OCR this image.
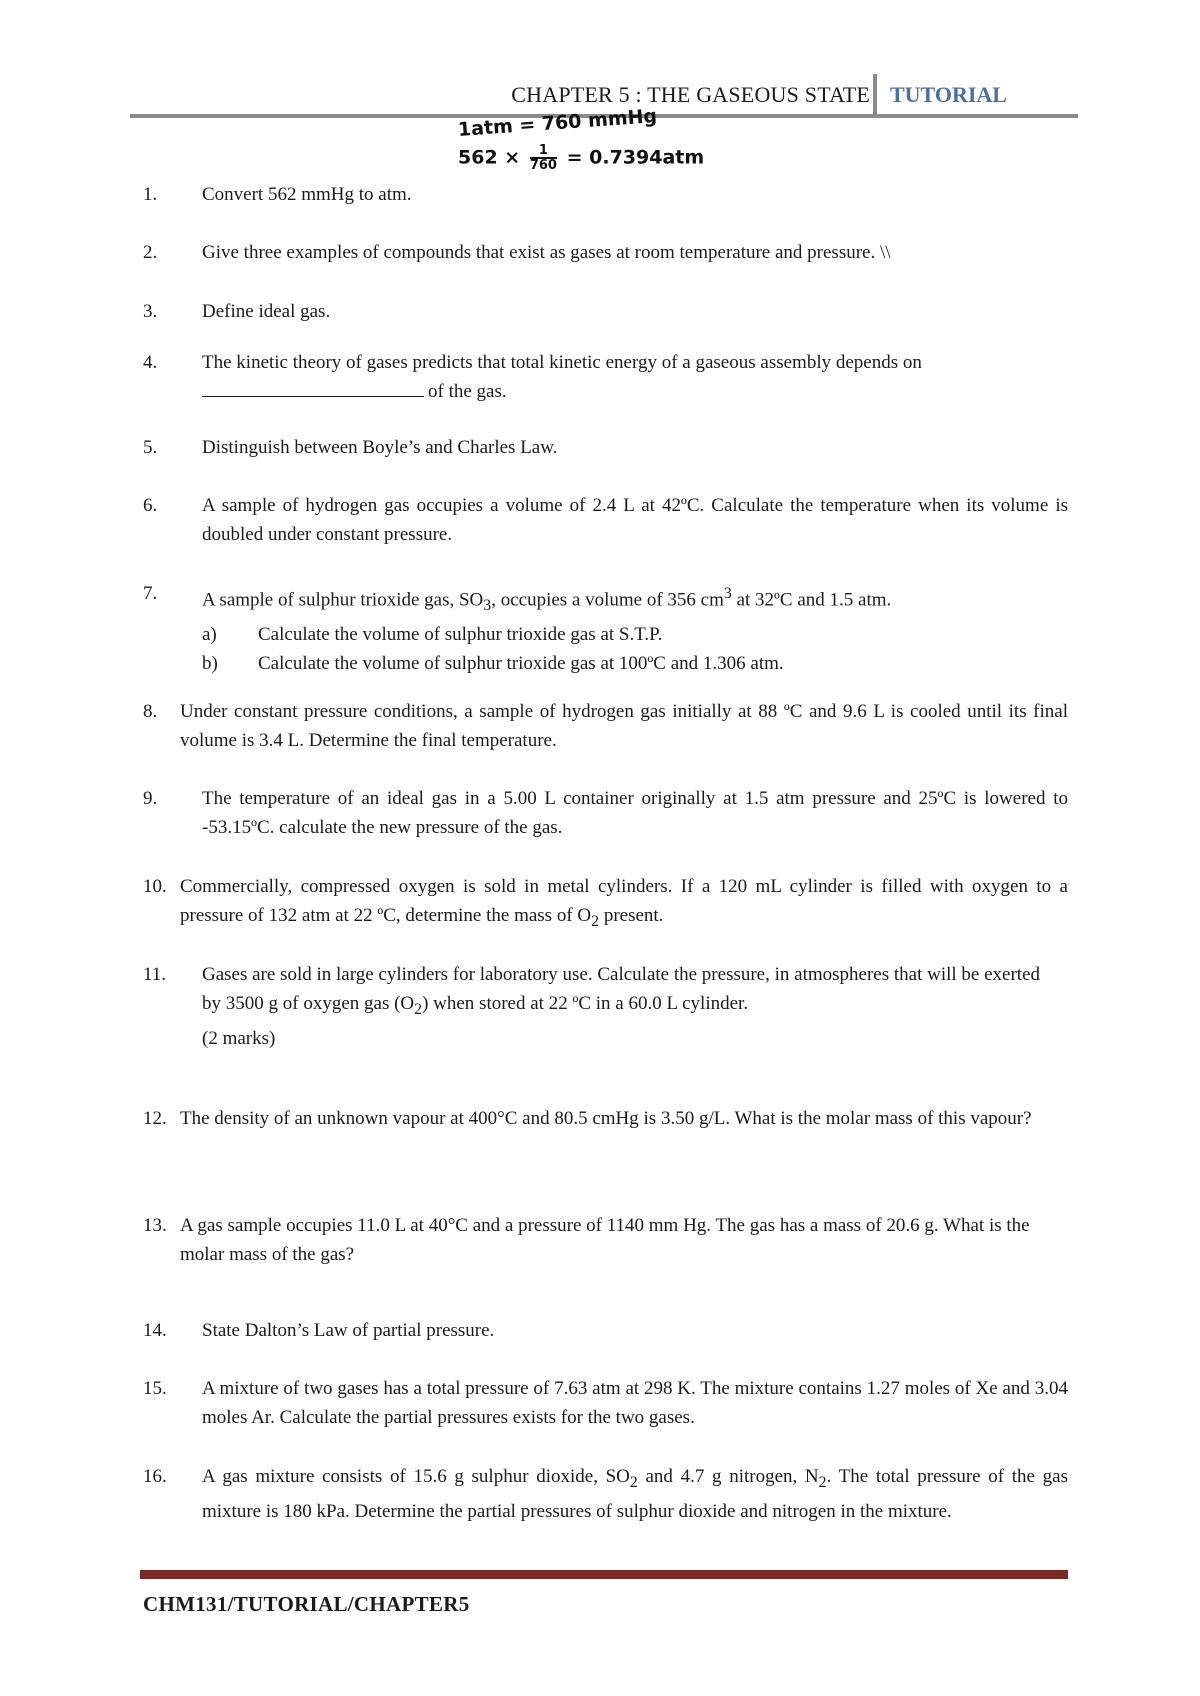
CHAPTER 5 : THE GASEOUS STATE TUTORIAL
1atm = 760 mmHg
$562 \times \frac{1}{760} = 0.7394atm$
1. Convert 562 mmHg to atm.
2. Give three examples of compounds that exist as gases at room temperature and pressure. \\
3. Define ideal gas.
4. The kinetic theory of gases predicts that total kinetic energy of a gaseous assembly depends on
of the gas.
5. Distinguish between Boyle’s and Charles Law.
6. A sample of hydrogen gas occupies a volume of 2.4 L at 42ºC. Calculate the temperature when its volume is doubled under constant pressure.
7. A sample of sulphur trioxide gas, $SO_3$, occupies a volume of 356 $cm^3$ at 32ºC and 1.5 atm.
a) Calculate the volume of sulphur trioxide gas at S.T.P.
b) Calculate the volume of sulphur trioxide gas at 100ºC and 1.306 atm.
8. Under constant pressure conditions, a sample of hydrogen gas initially at 88 ºC and 9.6 L is cooled until its final volume is 3.4 L. Determine the final temperature.
9. The temperature of an ideal gas in a 5.00 L container originally at 1.5 atm pressure and 25ºC is lowered to -53.15ºC. calculate the new pressure of the gas.
10. Commercially, compressed oxygen is sold in metal cylinders. If a 120 mL cylinder is filled with oxygen to a pressure of 132 atm at 22 ºC, determine the mass of $O_2$ present.
11. Gases are sold in large cylinders for laboratory use. Calculate the pressure, in atmospheres that will be exerted by 3500 g of oxygen gas $(O_2)$ when stored at 22 ºC in a 60.0 L cylinder.
(2 marks)
12. The density of an unknown vapour at 400°C and 80.5 cmHg is 3.50 g/L. What is the molar mass of this vapour?
13. A gas sample occupies 11.0 L at 40°C and a pressure of 1140 mm Hg. The gas has a mass of 20.6 g. What is the molar mass of the gas?
14. State Dalton’s Law of partial pressure.
15. A mixture of two gases has a total pressure of 7.63 atm at 298 K. The mixture contains 1.27 moles of Xe and 3.04 moles Ar. Calculate the partial pressures exists for the two gases.
16. A gas mixture consists of 15.6 g sulphur dioxide, $SO_2$ and 4.7 g nitrogen, $N_2$. The total pressure of the gas mixture is 180 kPa. Determine the partial pressures of sulphur dioxide and nitrogen in the mixture.
CHM131/TUTORIAL/CHAPTER5
